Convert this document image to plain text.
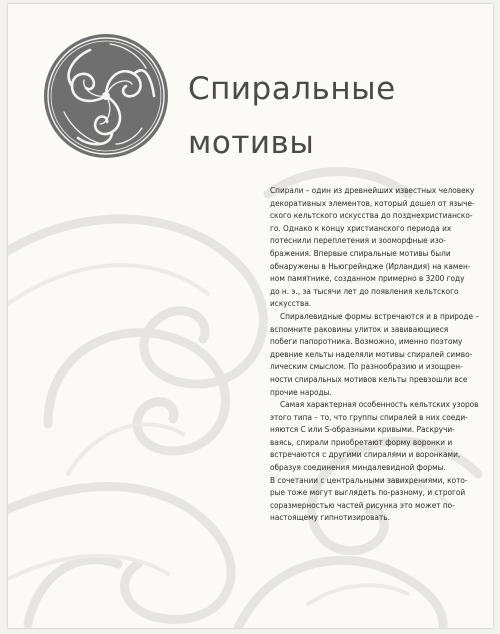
Спиральные
мотивы
Спирали – один из древнейших известных человеку
декоративных элементов, который дошел от языче-
ского кельтского искусства до позднехристианско-
го. Однако к концу христианского периода их
потеснили переплетения и зооморфные изо-
бражения. Впервые спиральные мотивы были
обнаружены в Ньюгрейндже (Ирландия) на камен-
ном памятнике, созданном примерно в 3200 году
до н. э., за тысячи лет до появления кельтского
искусства.
Спиралевидные формы встречаются и в природе –
вспомните раковины улиток и завивающиеся
побеги папоротника. Возможно, именно поэтому
древние кельты наделяли мотивы спиралей симво-
лическим смыслом. По разнообразию и изощрен-
ности спиральных мотивов кельты превзошли все
прочие народы.
Самая характерная особенность кельтских узоров
этого типа – то, что группы спиралей в них соеди-
няются С или S-образными кривыми. Раскручи-
ваясь, спирали приобретают форму воронки и
встречаются с другими спиралями и воронками,
образуя соединения миндалевидной формы.
В сочетании с центральными завихрениями, кото-
рые тоже могут выглядеть по-разному, и строгой
соразмерностью частей рисунка это может по-
настоящему гипнотизировать.
